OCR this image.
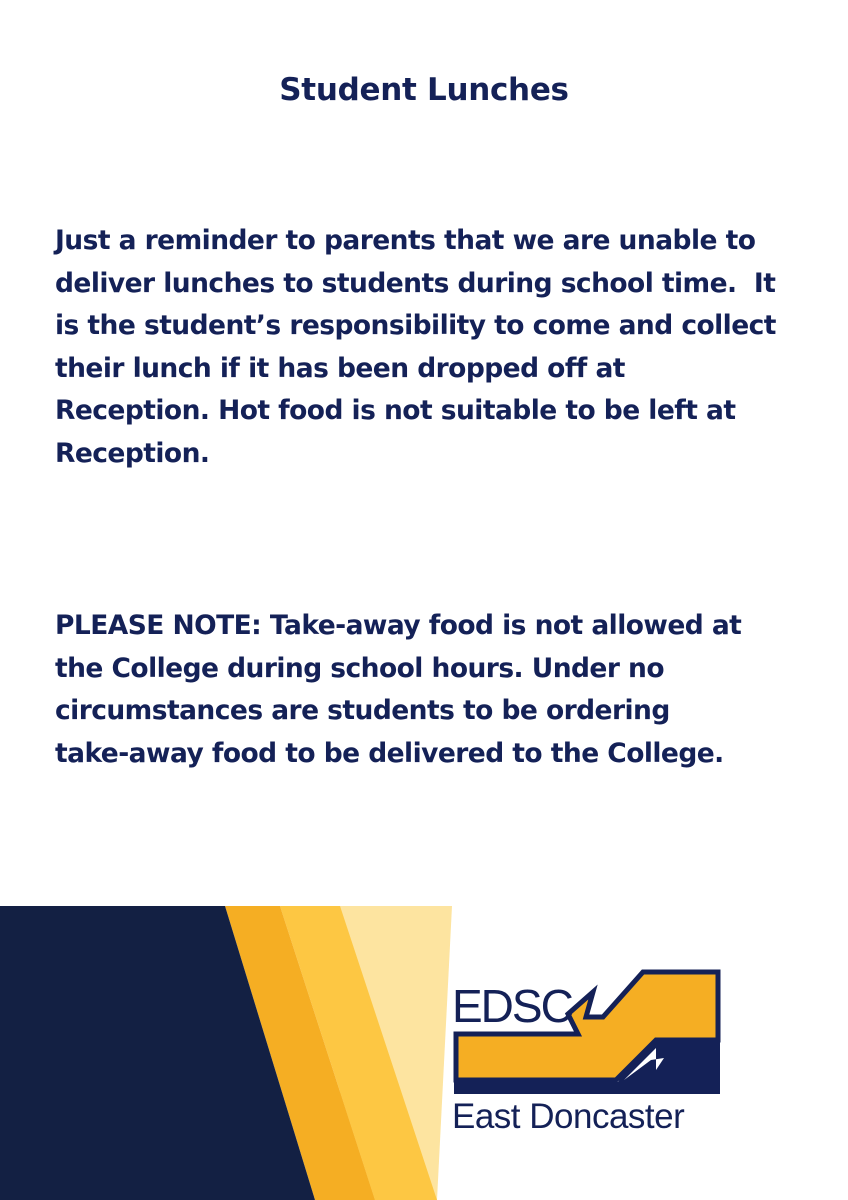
Student Lunches
Just a reminder to parents that we are unable to
deliver lunches to students during school time.  It
is the student’s responsibility to come and collect
their lunch if it has been dropped off at
Reception. Hot food is not suitable to be left at
Reception.
PLEASE NOTE: Take-away food is not allowed at
the College during school hours. Under no
circumstances are students to be ordering
take-away food to be delivered to the College.
EDSC
East Doncaster
